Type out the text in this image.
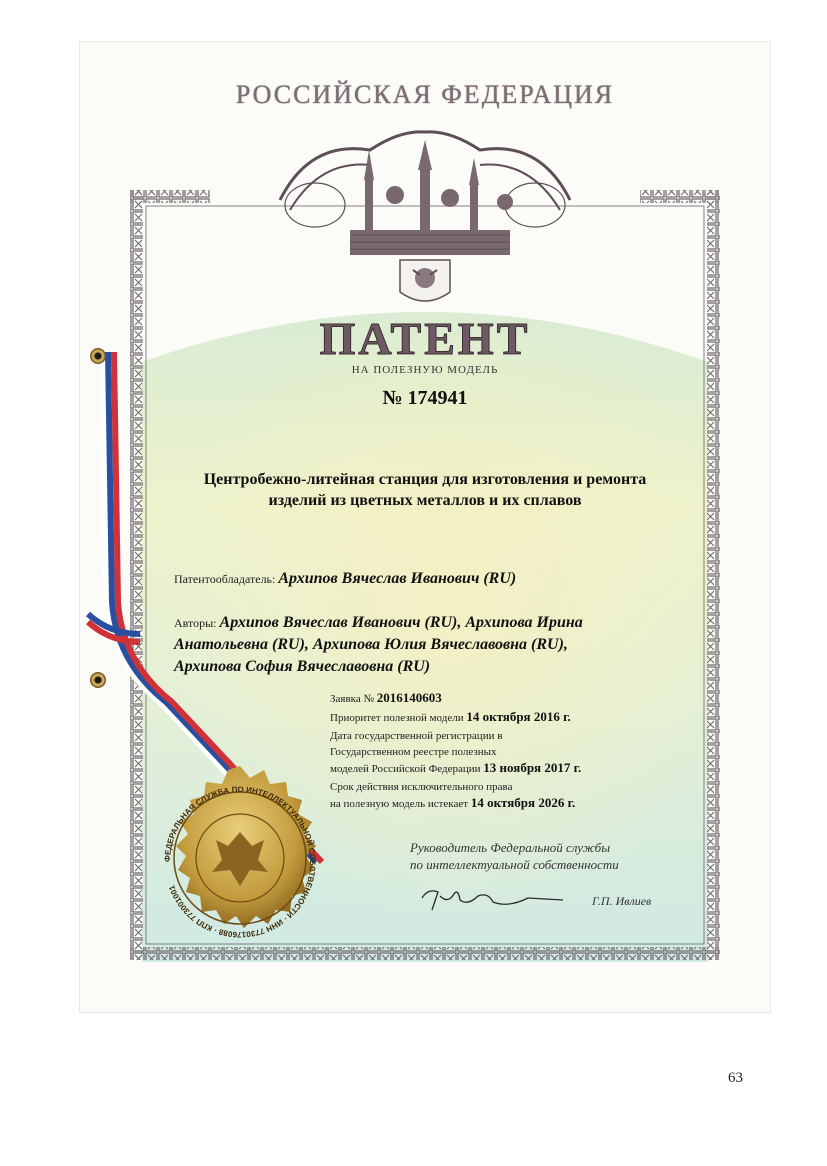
РОССИЙСКАЯ ФЕДЕРАЦИЯ
ПАТЕНТ
НА ПОЛЕЗНУЮ МОДЕЛЬ
№ 174941
Центробежно-литейная станция для изготовления и ремонта
изделий из цветных металлов и их сплавов
Патентообладатель: Архипов Вячеслав Иванович (RU)
Авторы: Архипов Вячеслав Иванович (RU), Архипова Ирина
Анатольевна (RU), Архипова Юлия Вячеславовна (RU),
Архипова София Вячеславовна (RU)
Заявка № 2016140603
Приоритет полезной модели 14 октября 2016 г.
Дата государственной регистрации в
Государственном реестре полезных
моделей Российской Федерации 13 ноября 2017 г.
Срок действия исключительного права
на полезную модель истекает 14 октября 2026 г.
Руководитель Федеральной службы
по интеллектуальной собственности
Г.П. Ивлиев
ФЕДЕРАЛЬНАЯ СЛУЖБА ПО ИНТЕЛЛЕКТУАЛЬНОЙ СОБСТВЕННОСТИ · ИНН 7730176088 · КПП 773001001
63
